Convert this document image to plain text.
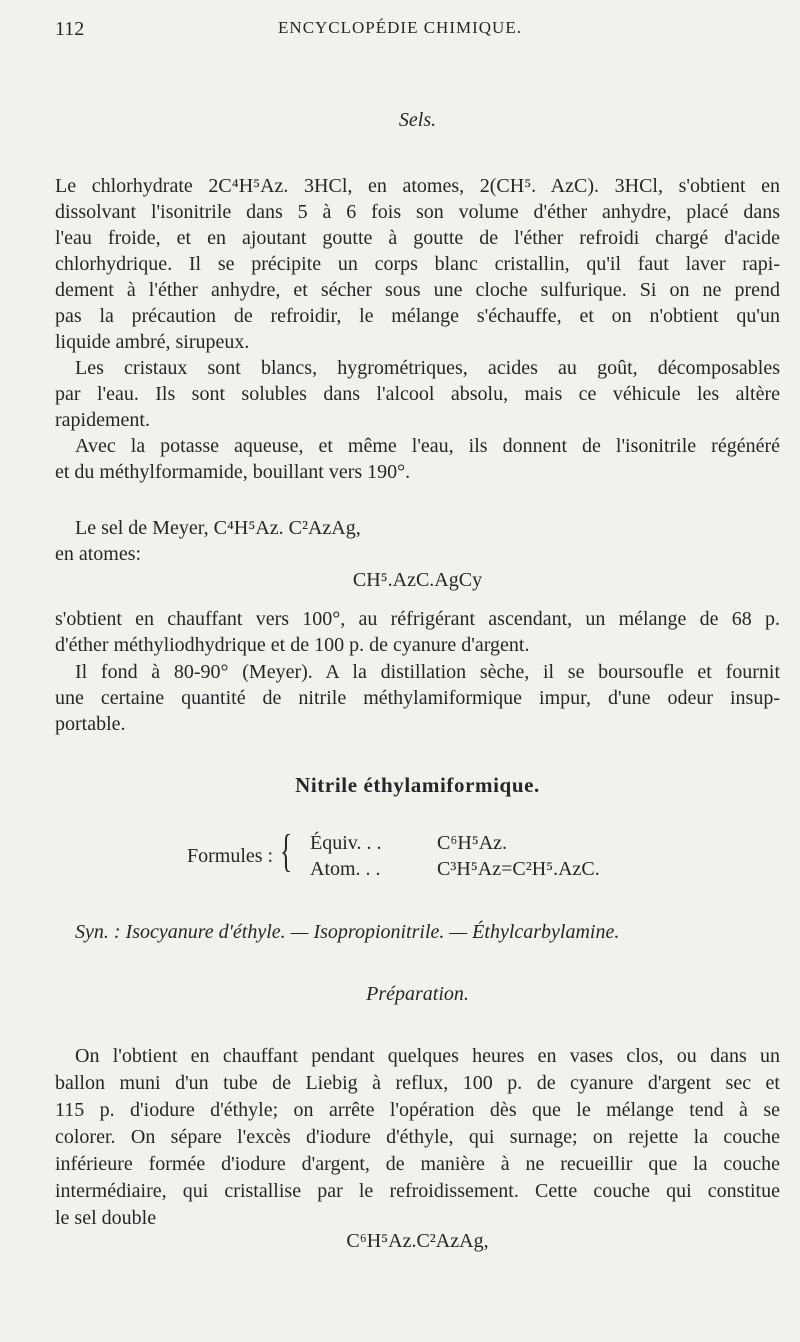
112	ENCYCLOPÉDIE CHIMIQUE.
Sels.
Le chlorhydrate 2C⁴H⁵Az. 3HCl, en atomes, 2(CH⁵. AzC). 3HCl, s'obtient en
dissolvant l'isonitrile dans 5 à 6 fois son volume d'éther anhydre, placé dans
l'eau froide, et en ajoutant goutte à goutte de l'éther refroidi chargé d'acide
chlorhydrique. Il se précipite un corps blanc cristallin, qu'il faut laver rapi-
dement à l'éther anhydre, et sécher sous une cloche sulfurique. Si on ne prend
pas la précaution de refroidir, le mélange s'échauffe, et on n'obtient qu'un
liquide ambré, sirupeux.
Les cristaux sont blancs, hygrométriques, acides au goût, décomposables
par l'eau. Ils sont solubles dans l'alcool absolu, mais ce véhicule les altère
rapidement.
Avec la potasse aqueuse, et même l'eau, ils donnent de l'isonitrile régénéré
et du méthylformamide, bouillant vers 190°.
Le sel de Meyer, C⁴H⁵Az. C²AzAg,
en atomes:
CH⁵.AzC.AgCy
s'obtient en chauffant vers 100°, au réfrigérant ascendant, un mélange de 68 p.
d'éther méthyliodhydrique et de 100 p. de cyanure d'argent.
Il fond à 80-90° (Meyer). A la distillation sèche, il se boursoufle et fournit
une certaine quantité de nitrile méthylamiformique impur, d'une odeur insup-
portable.
Nitrile éthylamiformique.
Formules : { Équiv. . .	C⁶H⁵Az.
Atom. . .	C³H⁵Az=C²H⁵.AzC.
Syn. : Isocyanure d'éthyle. — Isopropionitrile. — Éthylcarbylamine.
Préparation.
On l'obtient en chauffant pendant quelques heures en vases clos, ou dans un
ballon muni d'un tube de Liebig à reflux, 100 p. de cyanure d'argent sec et
115 p. d'iodure d'éthyle; on arrête l'opération dès que le mélange tend à se
colorer. On sépare l'excès d'iodure d'éthyle, qui surnage; on rejette la couche
inférieure formée d'iodure d'argent, de manière à ne recueillir que la couche
intermédiaire, qui cristallise par le refroidissement. Cette couche qui constitue
le sel double
C⁶H⁵Az.C²AzAg,
